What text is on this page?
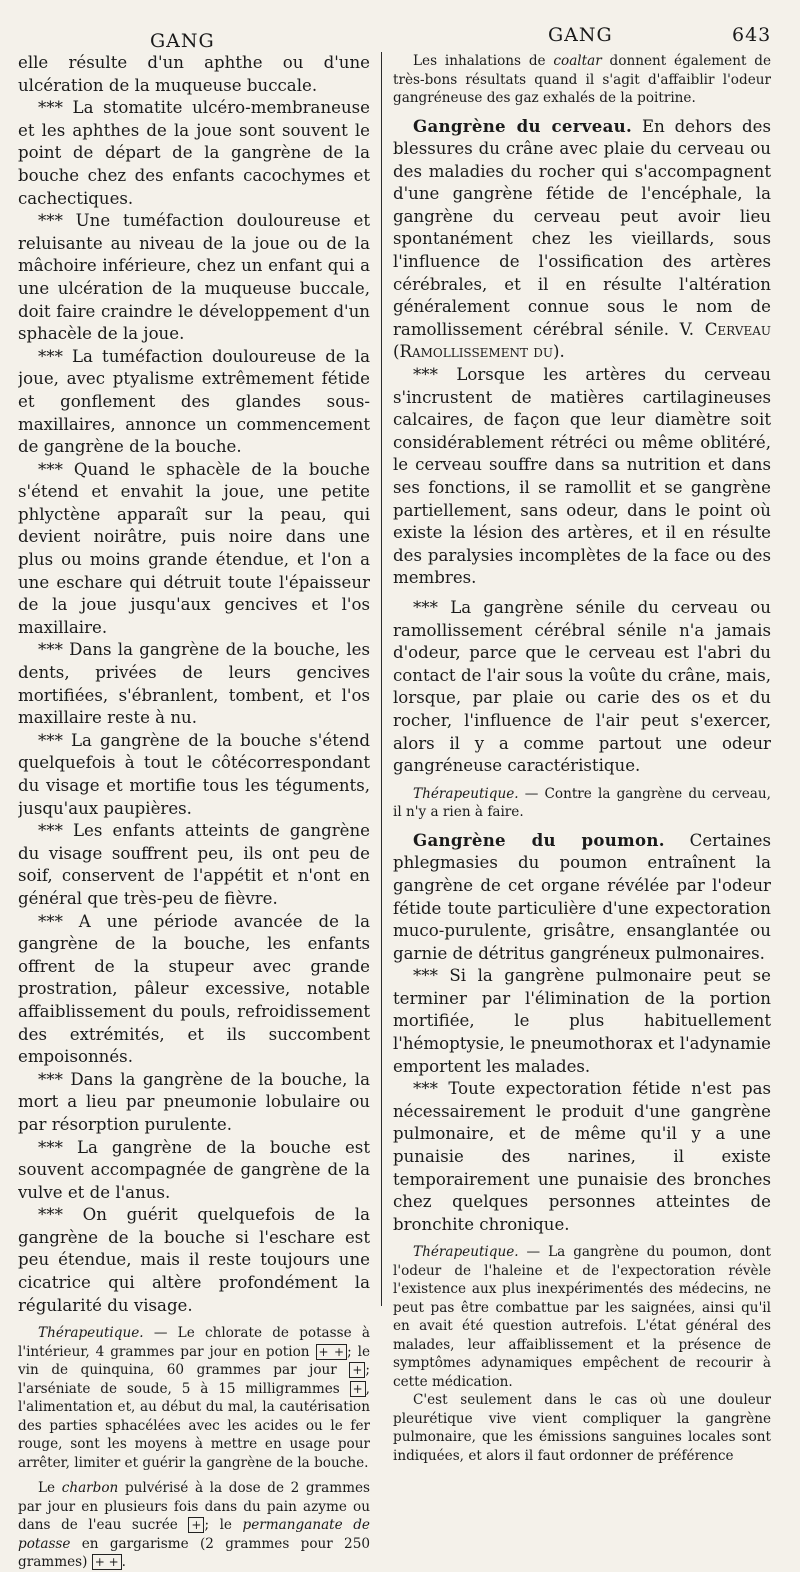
GANG	GANG	643

elle résulte d'un aphthe ou d'une ulcération de la muqueuse buccale.

*** La stomatite ulcéro-membraneuse et les aphthes de la joue sont souvent le point de départ de la gangrène de la bouche chez des enfants cacochymes et cachectiques.

*** Une tuméfaction douloureuse et reluisante au niveau de la joue ou de la mâchoire inférieure, chez un enfant qui a une ulcération de la muqueuse buccale, doit faire craindre le développement d'un sphacèle de la joue.

*** La tuméfaction douloureuse de la joue, avec ptyalisme extrêmement fétide et gonflement des glandes sous-maxillaires, annonce un commencement de gangrène de la bouche.

*** Quand le sphacèle de la bouche s'étend et envahit la joue, une petite phlyctène apparaît sur la peau, qui devient noirâtre, puis noire dans une plus ou moins grande étendue, et l'on a une eschare qui détruit toute l'épaisseur de la joue jusqu'aux gencives et l'os maxillaire.

*** Dans la gangrène de la bouche, les dents, privées de leurs gencives mortifiées, s'ébranlent, tombent, et l'os maxillaire reste à nu.

*** La gangrène de la bouche s'étend quelquefois à tout le côtécorrespondant du visage et mortifie tous les téguments, jusqu'aux paupières.

*** Les enfants atteints de gangrène du visage souffrent peu, ils ont peu de soif, conservent de l'appétit et n'ont en général que très-peu de fièvre.

*** A une période avancée de la gangrène de la bouche, les enfants offrent de la stupeur avec grande prostration, pâleur excessive, notable affaiblissement du pouls, refroidissement des extrémités, et ils succombent empoisonnés.

*** Dans la gangrène de la bouche, la mort a lieu par pneumonie lobulaire ou par résorption purulente.

*** La gangrène de la bouche est souvent accompagnée de gangrène de la vulve et de l'anus.

*** On guérit quelquefois de la gangrène de la bouche si l'eschare est peu étendue, mais il reste toujours une cicatrice qui altère profondément la régularité du visage.

Thérapeutique. — Le chlorate de potasse à l'intérieur, 4 grammes par jour en potion + + ; le vin de quinquina, 60 grammes par jour + ; l'arséniate de soude, 5 à 15 milligrammes + , l'alimentation et, au début du mal, la cautérisation des parties sphacélées avec les acides ou le fer rouge, sont les moyens à mettre en usage pour arrêter, limiter et guérir la gangrène de la bouche.

Le charbon pulvérisé à la dose de 2 grammes par jour en plusieurs fois dans du pain azyme ou dans de l'eau sucrée + ; le permanganate de potasse en gargarisme (2 grammes pour 250 grammes) + + .

Les inhalations de coaltar donnent également de très-bons résultats quand il s'agit d'affaiblir l'odeur gangréneuse des gaz exhalés de la poitrine.

Gangrène du cerveau. En dehors des blessures du crâne avec plaie du cerveau ou des maladies du rocher qui s'accompagnent d'une gangrène fétide de l'encéphale, la gangrène du cerveau peut avoir lieu spontanément chez les vieillards, sous l'influence de l'ossification des artères cérébrales, et il en résulte l'altération généralement connue sous le nom de ramollissement cérébral sénile. V. Cerveau (Ramollissement du).

*** Lorsque les artères du cerveau s'incrustent de matières cartilagineuses calcaires, de façon que leur diamètre soit considérablement rétréci ou même oblitéré, le cerveau souffre dans sa nutrition et dans ses fonctions, il se ramollit et se gangrène partiellement, sans odeur, dans le point où existe la lésion des artères, et il en résulte des paralysies incomplètes de la face ou des membres.

*** La gangrène sénile du cerveau ou ramollissement cérébral sénile n'a jamais d'odeur, parce que le cerveau est l'abri du contact de l'air sous la voûte du crâne, mais, lorsque, par plaie ou carie des os et du rocher, l'influence de l'air peut s'exercer, alors il y a comme partout une odeur gangréneuse caractéristique.

Thérapeutique. — Contre la gangrène du cerveau, il n'y a rien à faire.

Gangrène du poumon. Certaines phlegmasies du poumon entraînent la gangrène de cet organe révélée par l'odeur fétide toute particulière d'une expectoration muco-purulente, grisâtre, ensanglantée ou garnie de détritus gangréneux pulmonaires.

*** Si la gangrène pulmonaire peut se terminer par l'élimination de la portion mortifiée, le plus habituellement l'hémoptysie, le pneumothorax et l'adynamie emportent les malades.

*** Toute expectoration fétide n'est pas nécessairement le produit d'une gangrène pulmonaire, et de même qu'il y a une punaisie des narines, il existe temporairement une punaisie des bronches chez quelques personnes atteintes de bronchite chronique.

Thérapeutique. — La gangrène du poumon, dont l'odeur de l'haleine et de l'expectoration révèle l'existence aux plus inexpérimentés des médecins, ne peut pas être combattue par les saignées, ainsi qu'il en avait été question autrefois. L'état général des malades, leur affaiblissement et la présence de symptômes adynamiques empêchent de recourir à cette médication.

C'est seulement dans le cas où une douleur pleurétique vive vient compliquer la gangrène pulmonaire, que les émissions sanguines locales sont indiquées, et alors il faut ordonner de préférence
